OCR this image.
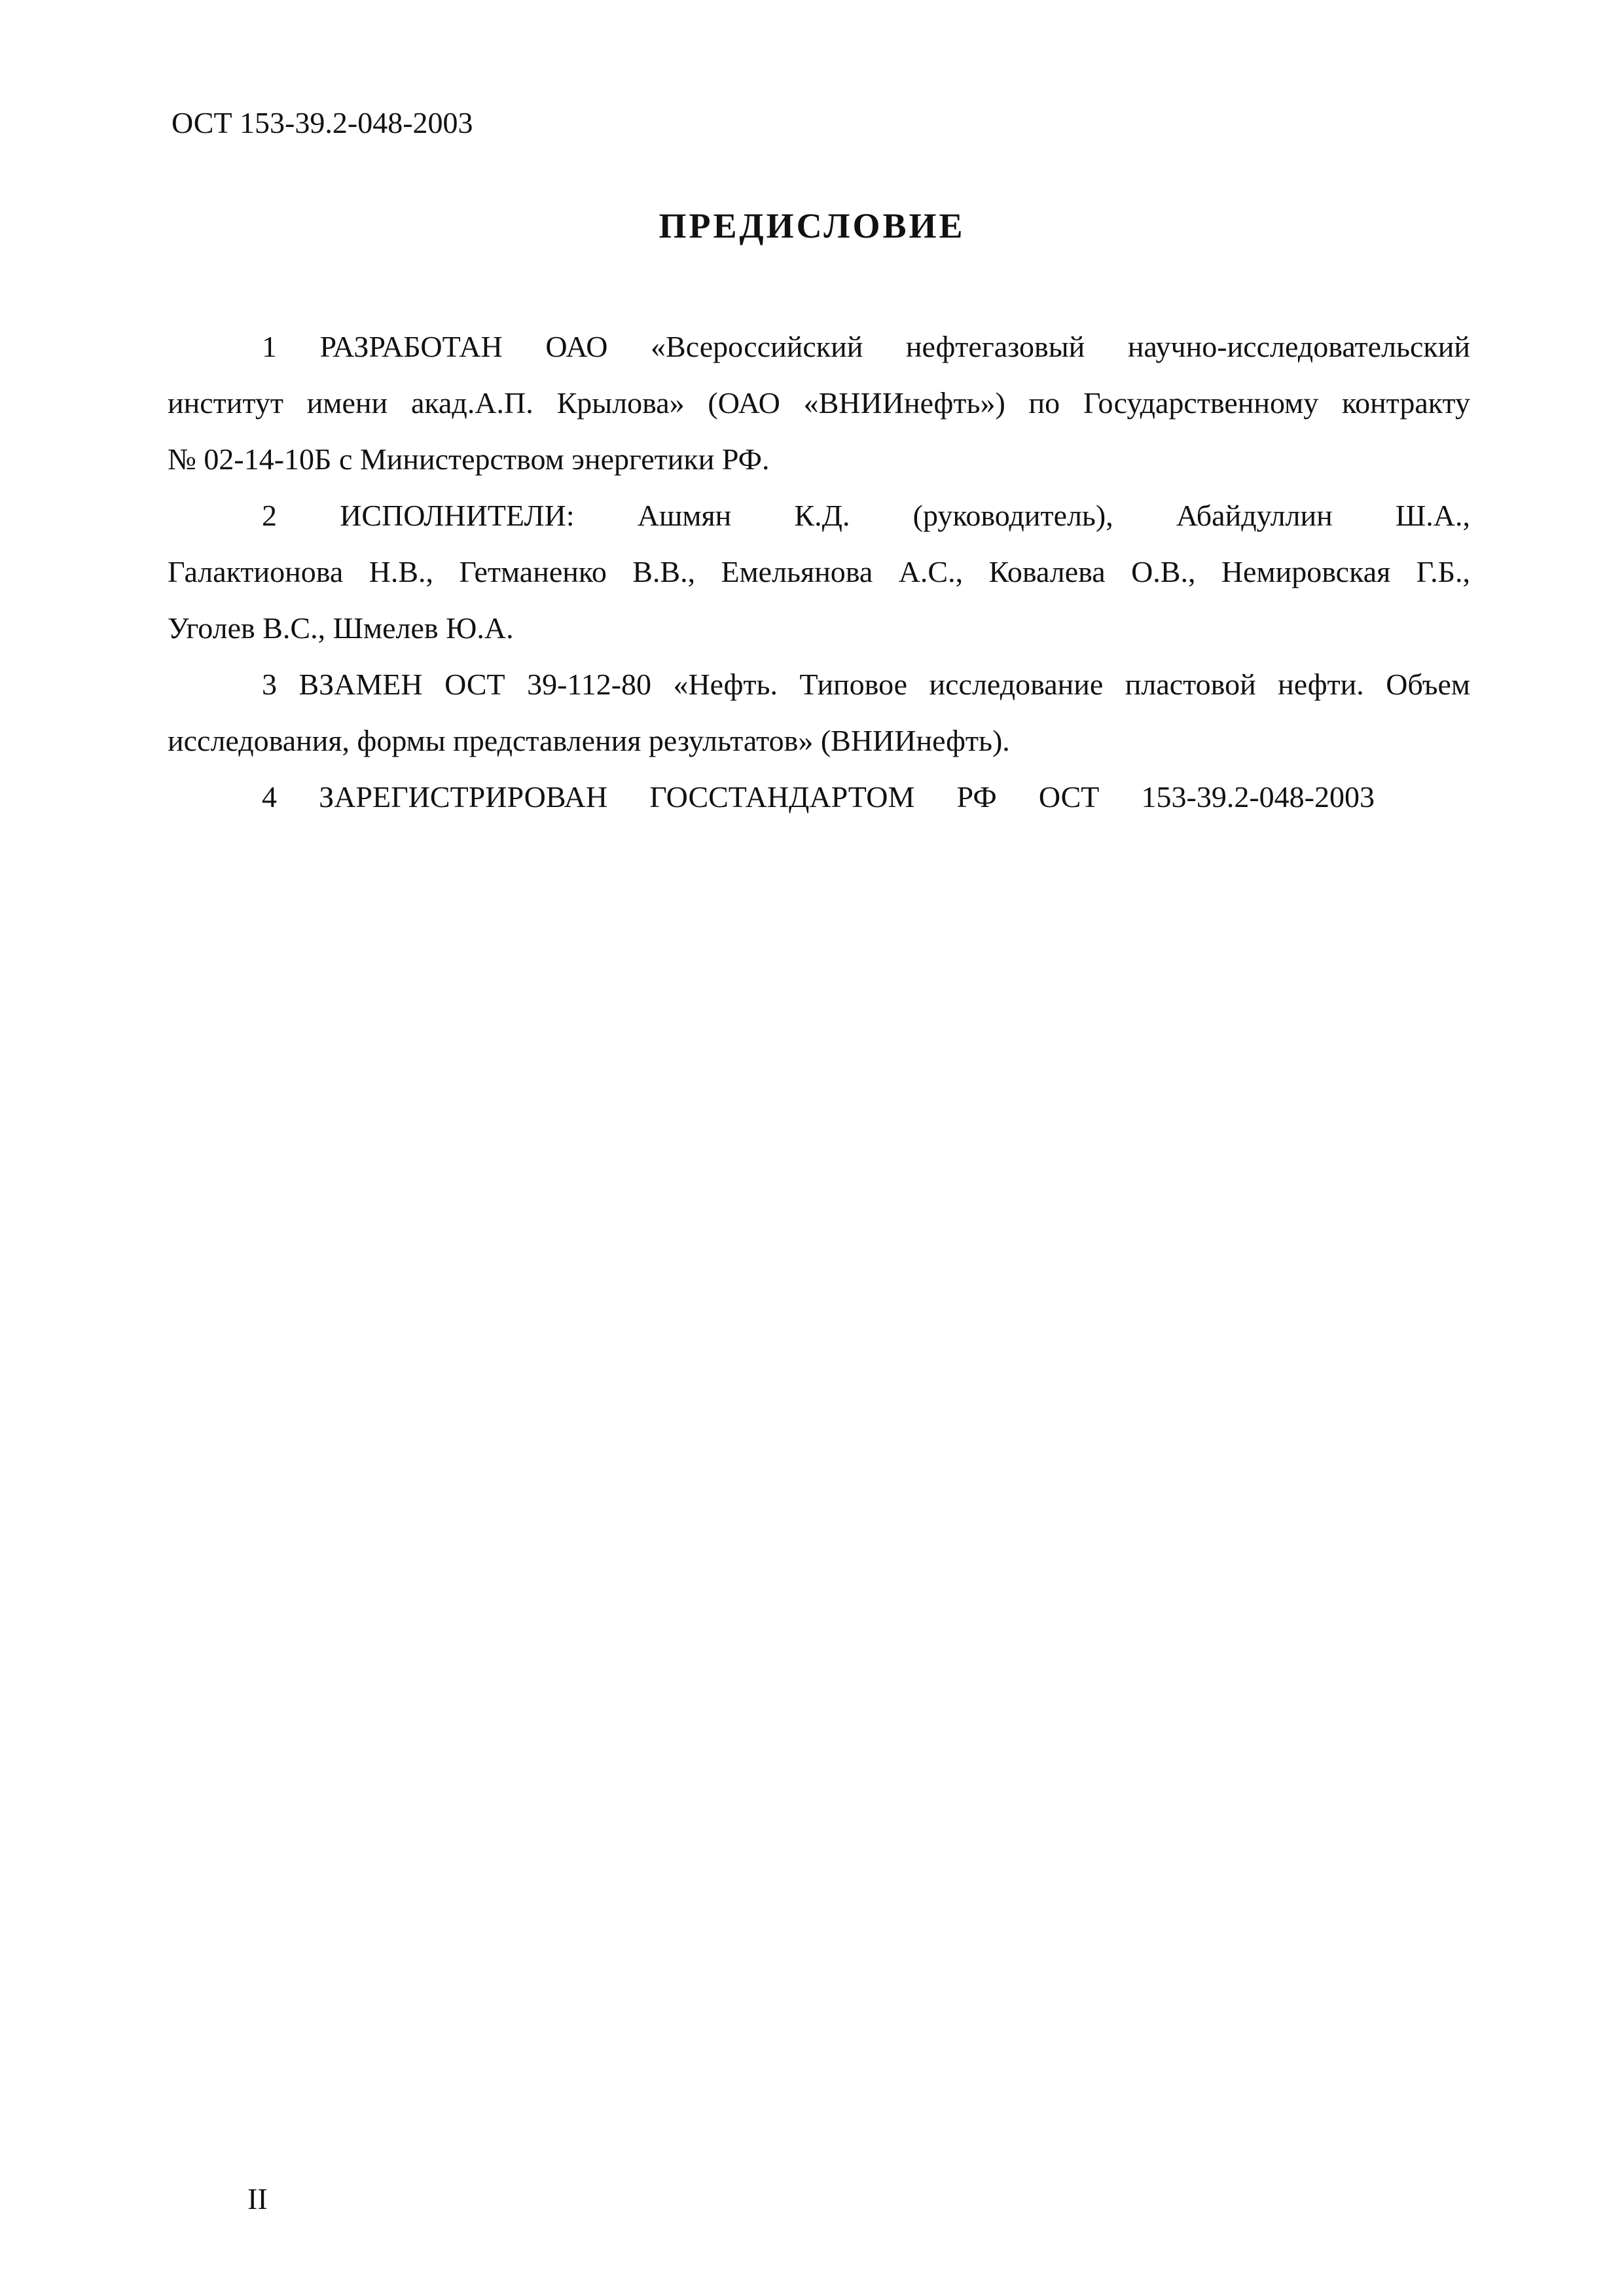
ОСТ 153-39.2-048-2003
ПРЕДИСЛОВИЕ
1 РАЗРАБОТАН ОАО «Всероссийский нефтегазовый научно-исследовательский
институт имени акад.А.П. Крылова» (ОАО «ВНИИнефть») по Государственному контракту
№ 02-14-10Б с Министерством энергетики РФ.
2 ИСПОЛНИТЕЛИ: Ашмян К.Д. (руководитель), Абайдуллин Ш.А.,
Галактионова Н.В., Гетманенко В.В., Емельянова А.С., Ковалева О.В., Немировская Г.Б.,
Уголев В.С., Шмелев Ю.А.
3 ВЗАМЕН ОСТ 39-112-80 «Нефть. Типовое исследование пластовой нефти. Объем
исследования, формы представления результатов» (ВНИИнефть).
4 ЗАРЕГИСТРИРОВАН ГОССТАНДАРТОМ РФ ОСТ 153-39.2-048-2003
II
